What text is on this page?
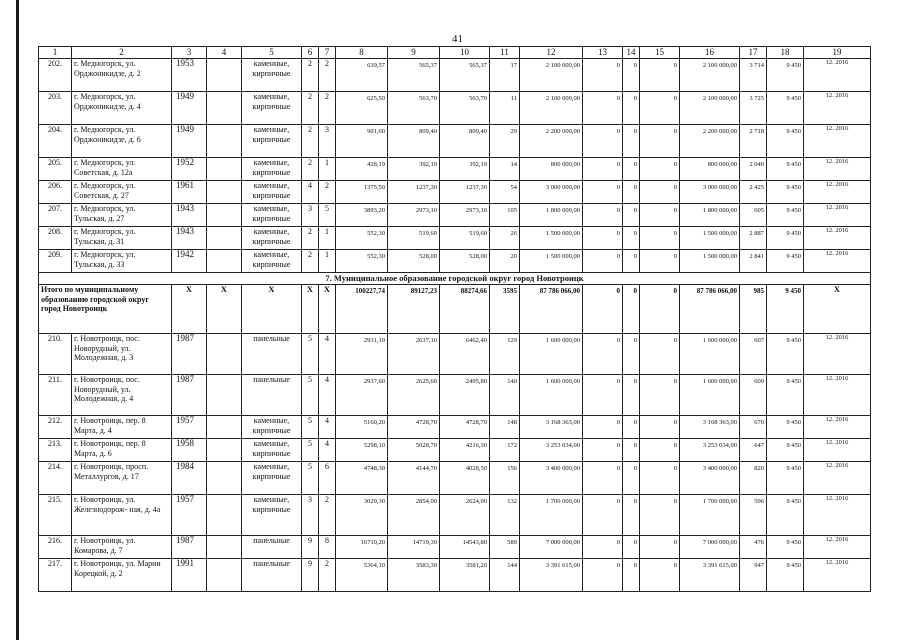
41
1	2	3	4	5	6	7	8	9	10	11	12	13	14	15	16	17	18	19
202.	г. Медногорск, ул. Орджоникидзе, д. 2	1953		каменные, кирпичные	2	2	639,57	565,37	565,37	17	2 100 000,00	0	0	0	2 100 000,00	3 714	9 450	12. 2016
203.	г. Медногорск, ул. Орджоникидзе, д. 4	1949		каменные, кирпичные	2	2	625,50	563,70	563,70	11	2 100 000,00	0	0	0	2 100 000,00	3 725	9 450	12. 2016
204.	г. Медногорск, ул. Орджоникидзе, д. 6	1949		каменные, кирпичные	2	3	901,60	809,40	809,40	29	2 200 000,00	0	0	0	2 200 000,00	2 718	9 450	12. 2016
205.	г. Медногорск, ул. Советская, д. 12а	1952		каменные, кирпичные	2	1	428,19	392,19	392,19	14	800 000,00	0	0	0	800 000,00	2 040	9 450	12. 2016
206.	г. Медногорск, ул. Советская, д. 27	1961		каменные, кирпичные	4	2	1375,50	1237,30	1237,30	54	3 000 000,00	0	0	0	3 000 000,00	2 425	9 450	12. 2016
207.	г. Медногорск, ул. Тульская, д. 27	1943		каменные, кирпичные	3	5	3893,20	2973,10	2973,10	105	1 800 000,00	0	0	0	1 800 000,00	605	9 450	12. 2016
208.	г. Медногорск, ул. Тульская, д. 31	1943		каменные, кирпичные	2	1	552,30	519,60	519,60	26	1 500 000,00	0	0	0	1 500 000,00	2 887	9 450	12. 2016
209.	г. Медногорск, ул. Тульская, д. 33	1942		каменные, кирпичные	2	1	552,30	528,00	528,00	20	1 500 000,00	0	0	0	1 500 000,00	2 841	9 450	12. 2016
7. Муниципальное образование городской округ город Новотроицк																		
Итого по муниципальному образованию городской округ город Новотроицк		X	X	X	X	X	100227,74	89127,23	88274,66	3595	87 786 066,00	0	0	0	87 786 066,00	985	9 450	X
210.	г. Новотроицк, пос. Новорудный, ул. Молодежная, д. 3	1987		панельные	5	4	2931,10	2637,10	6462,40	129	1 600 000,00	0	0	0	1 600 000,00	607	9 450	12. 2016
211.	г. Новотроицк, пос. Новорудный, ул. Молодежная, д. 4	1987		панельные	5	4	2937,60	2625,60	2495,80	140	1 600 000,00	0	0	0	1 600 000,00	609	9 450	12. 2016
212.	г. Новотроицк, пер. 8 Марта, д. 4	1957		каменные, кирпичные	5	4	5160,20	4728,70	4728,70	148	3 168 363,00	0	0	0	3 168 363,00	670	9 450	12. 2016
213.	г. Новотроицк, пер. 8 Марта, д. 6	1958		каменные, кирпичные	5	4	5298,10	5028,70	4216,30	172	3 253 034,00	0	0	0	3 253 034,00	647	9 450	12. 2016
214.	г. Новотроицк, просп. Металлургов, д. 17	1984		каменные, кирпичные	5	6	4748,30	4144,70	4028,50	156	3 400 000,00	0	0	0	3 400 000,00	820	9 450	12. 2016
215.	г. Новотроицк, ул. Железнодорож- ная, д. 4а	1957		каменные, кирпичные	3	2	3029,30	2854,00	2624,00	132	1 700 000,00	0	0	0	1 700 000,00	596	9 450	12. 2016
216.	г. Новотроицк, ул. Комарова, д. 7	1987		панельные	9	8	16710,20	14719,30	14543,80	589	7 000 000,00	0	0	0	7 000 000,00	476	9 450	12. 2016
217.	г. Новотроицк, ул. Марии Корецкой, д. 2	1991		панельные	9	2	5364,10	3583,30	3581,20	144	3 391 615,00	0	0	0	3 391 615,00	947	9 450	12. 2016
